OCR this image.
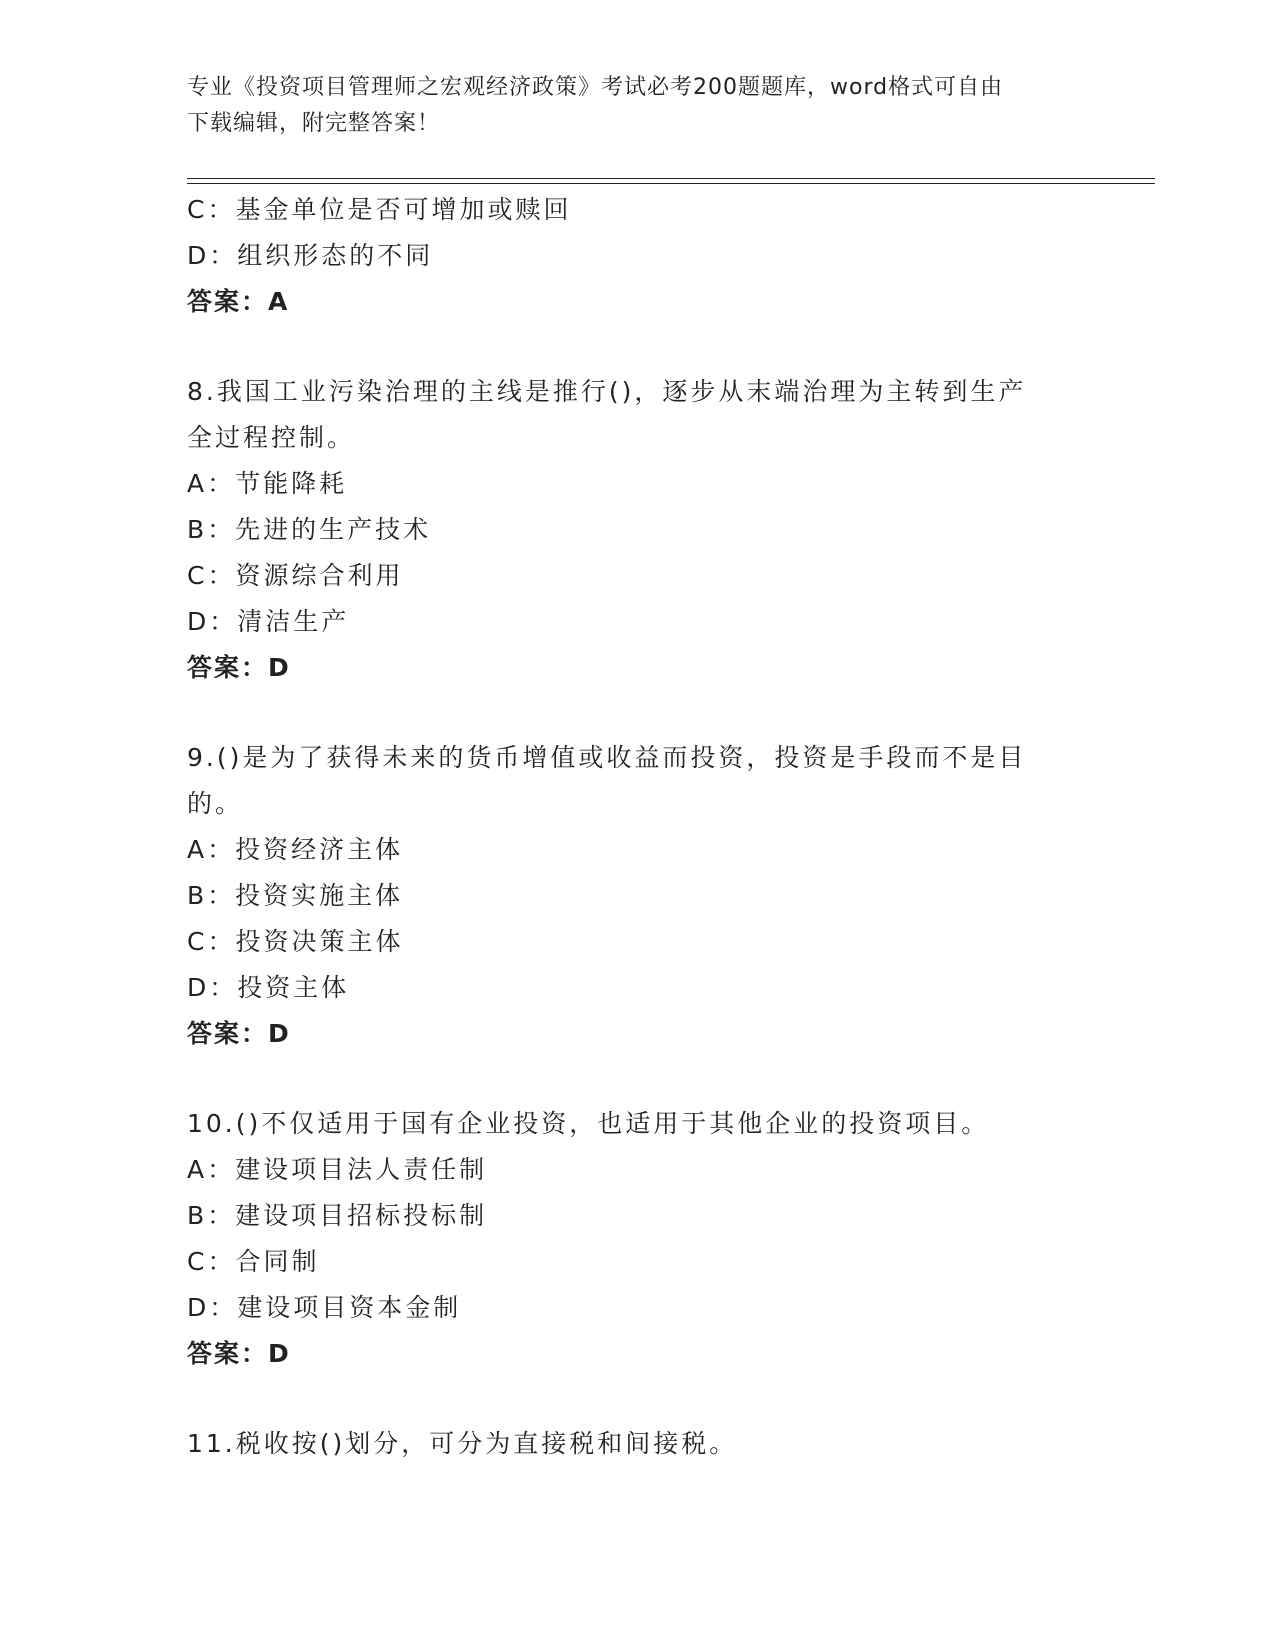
专业《投资项目管理师之宏观经济政策》考试必考200题题库，word格式可自由
下载编辑，附完整答案！
C：基金单位是否可增加或赎回
D：组织形态的不同
答案：A
8.我国工业污染治理的主线是推行()，逐步从末端治理为主转到生产
全过程控制。
A：节能降耗
B：先进的生产技术
C：资源综合利用
D：清洁生产
答案：D
9.()是为了获得未来的货币增值或收益而投资，投资是手段而不是目
的。
A：投资经济主体
B：投资实施主体
C：投资决策主体
D：投资主体
答案：D
10.()不仅适用于国有企业投资，也适用于其他企业的投资项目。
A：建设项目法人责任制
B：建设项目招标投标制
C：合同制
D：建设项目资本金制
答案：D
11.税收按()划分，可分为直接税和间接税。
